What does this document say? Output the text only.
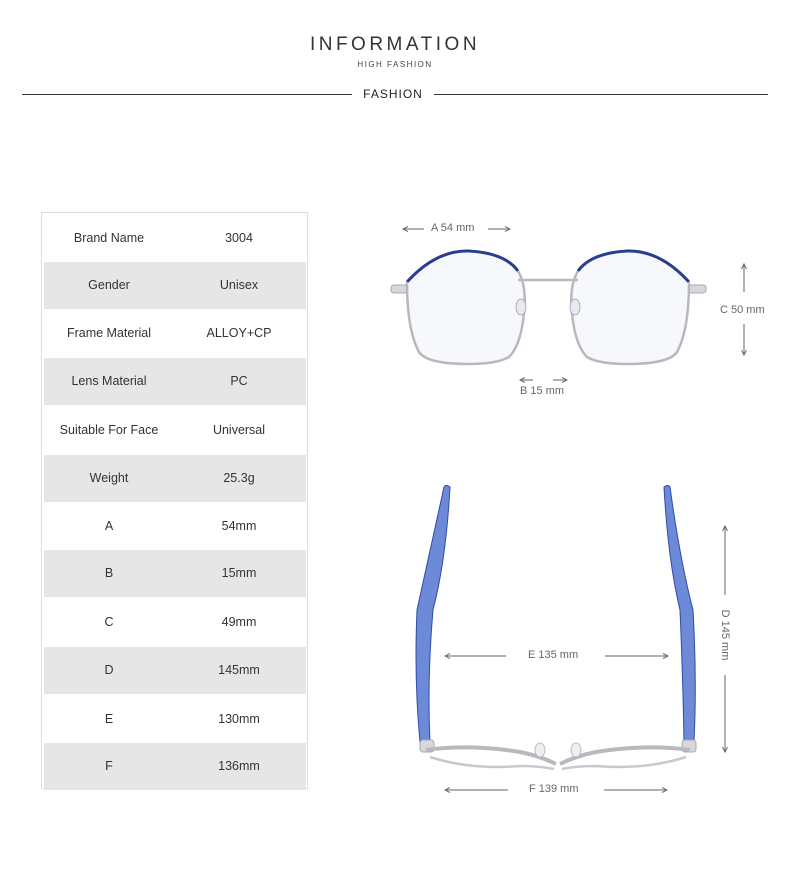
INFORMATION
HIGH FASHION
FASHION
Brand Name	3004
Gender	Unisex
Frame Material	ALLOY+CP
Lens Material	PC
Suitable For Face	Universal
Weight	25.3g
A	54mm
B	15mm
C	49mm
D	145mm
E	130mm
F	136mm
A 54 mm
B 15 mm
C 50 mm
E 135 mm
F 139 mm
D 145 mm
